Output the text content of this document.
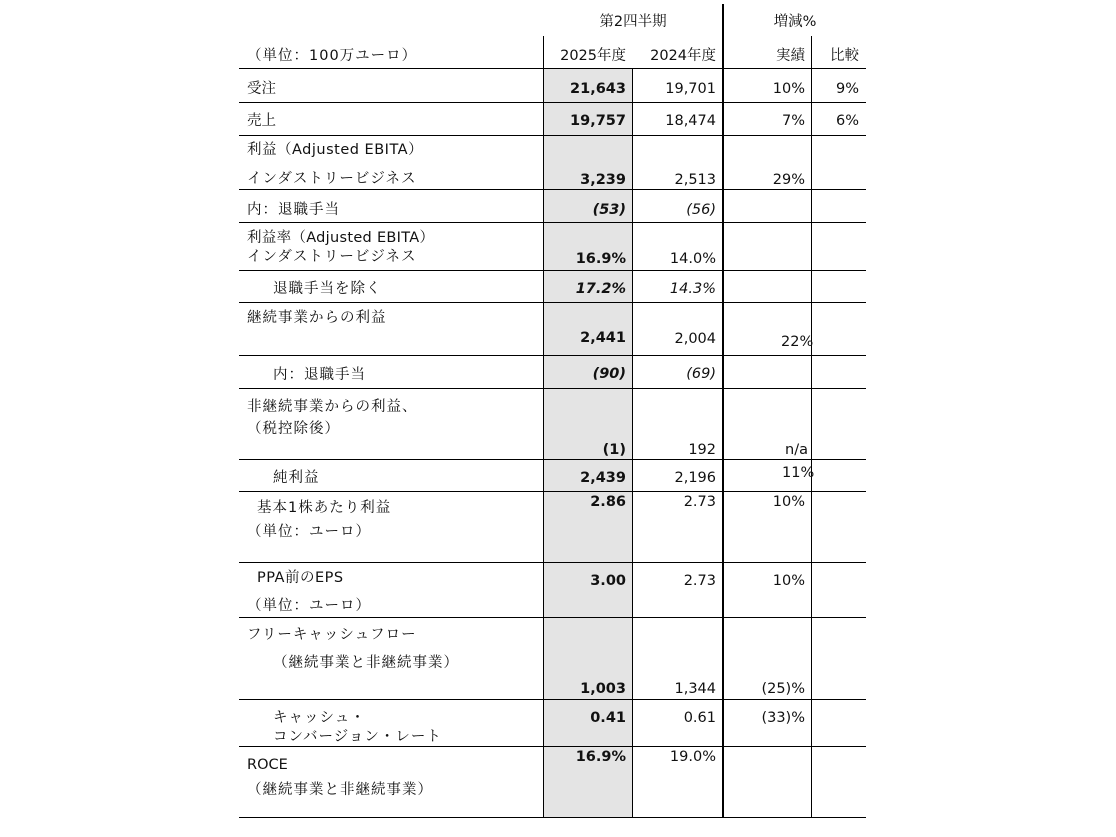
第2四半期	増減%
（単位：100万ユーロ）	2025年度	2024年度	実績	比較
受注	21,643	19,701	10%	9%
売上	19,757	18,474	7%	6%
利益（Adjusted EBITA）
インダストリービジネス	3,239	2,513	29%
内：退職手当	(53)	(56)
利益率（Adjusted EBITA）
インダストリービジネス	16.9%	14.0%
退職手当を除く	17.2%	14.3%
継続事業からの利益
2,441	2,004	22%
内：退職手当	(90)	(69)
非継続事業からの利益、
（税控除後）
(1)	192	n/a
純利益	2,439	2,196	11%
基本1株あたり利益
（単位：ユーロ）
2.86	2.73	10%
PPA前のEPS
（単位：ユーロ）
3.00	2.73	10%
フリーキャッシュフロー
（継続事業と非継続事業）
1,003	1,344	(25)%
キャッシュ・
コンバージョン・レート
0.41	0.61	(33)%
ROCE
（継続事業と非継続事業）
16.9%	19.0%
